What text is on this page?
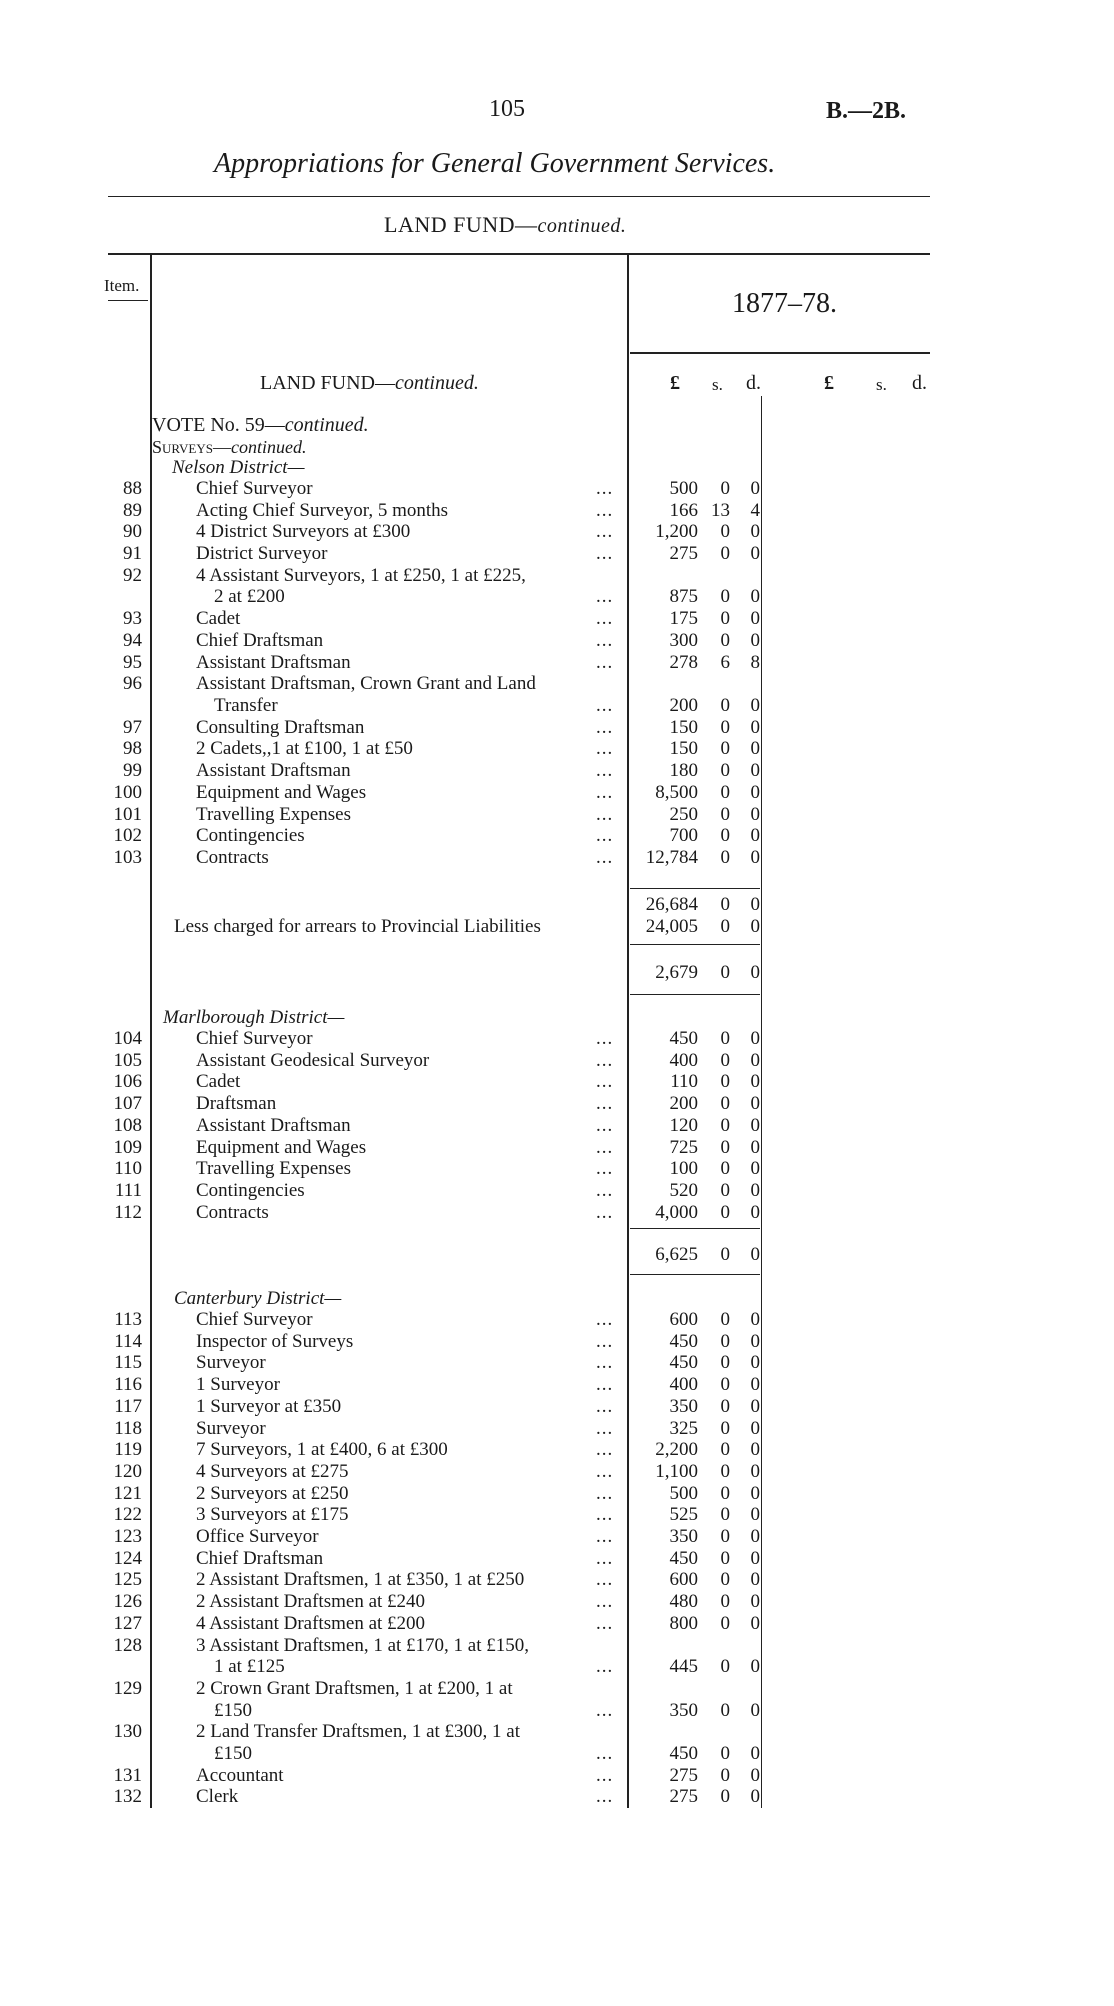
105	B.—2B.
Appropriations for General Government Services.
LAND FUND—continued.
Item.
1877–78.
LAND FUND—continued.	£ s. d.	£ s. d.
VOTE No. 59—continued.
Surveys—continued.
Nelson District—
88	Chief Surveyor	...	500	0	0
89	Acting Chief Surveyor, 5 months	...	166 13	4
90	4 District Surveyors at £300	...	1,200	0	0
91	District Surveyor	...	275	0	0
92	4 Assistant Surveyors, 1 at £250, 1 at £225,
2 at £200	...	875	0	0
93	Cadet	...	175	0	0
94	Chief Draftsman	...	300	0	0
95	Assistant Draftsman	...	278	6	8
96	Assistant Draftsman, Crown Grant and Land
Transfer	...	200	0	0
97	Consulting Draftsman	...	150	0	0
98	2 Cadets,,1 at £100, 1 at £50	...	150	0	0
99	Assistant Draftsman	...	180	0	0
100	Equipment and Wages	...	8,500	0	0
101	Travelling Expenses	...	250	0	0
102	Contingencies	...	700	0	0
103	Contracts	...	12,784	0	0
26,684	0	0
Less charged for arrears to Provincial Liabilities	24,005	0	0
2,679	0	0
Marlborough District—
104	Chief Surveyor	...	450	0	0
105	Assistant Geodesical Surveyor	...	400	0	0
106	Cadet	...	110	0	0
107	Draftsman	...	200	0	0
108	Assistant Draftsman	...	120	0	0
109	Equipment and Wages	...	725	0	0
110	Travelling Expenses	...	100	0	0
111	Contingencies	...	520	0	0
112	Contracts	...	4,000	0	0
6,625	0	0
Canterbury District—
113	Chief Surveyor	...	600	0	0
114	Inspector of Surveys	...	450	0	0
115	Surveyor	...	450	0	0
116	1 Surveyor	...	400	0	0
117	1 Surveyor at £350	...	350	0	0
118	Surveyor	...	325	0	0
119	7 Surveyors, 1 at £400, 6 at £300	...	2,200	0	0
120	4 Surveyors at £275	...	1,100	0	0
121	2 Surveyors at £250	...	500	0	0
122	3 Surveyors at £175	...	525	0	0
123	Office Surveyor	...	350	0	0
124	Chief Draftsman	...	450	0	0
125	2 Assistant Draftsmen, 1 at £350, 1 at £250	...	600	0	0
126	2 Assistant Draftsmen at £240	...	480	0	0
127	4 Assistant Draftsmen at £200	...	800	0	0
128	3 Assistant Draftsmen, 1 at £170, 1 at £150,
1 at £125	...	445	0	0
129	2 Crown Grant Draftsmen, 1 at £200, 1 at
£150	...	350	0	0
130	2 Land Transfer Draftsmen, 1 at £300, 1 at
£150	...	450	0	0
131	Accountant	...	275	0	0
132	Clerk	...	275	0	0
